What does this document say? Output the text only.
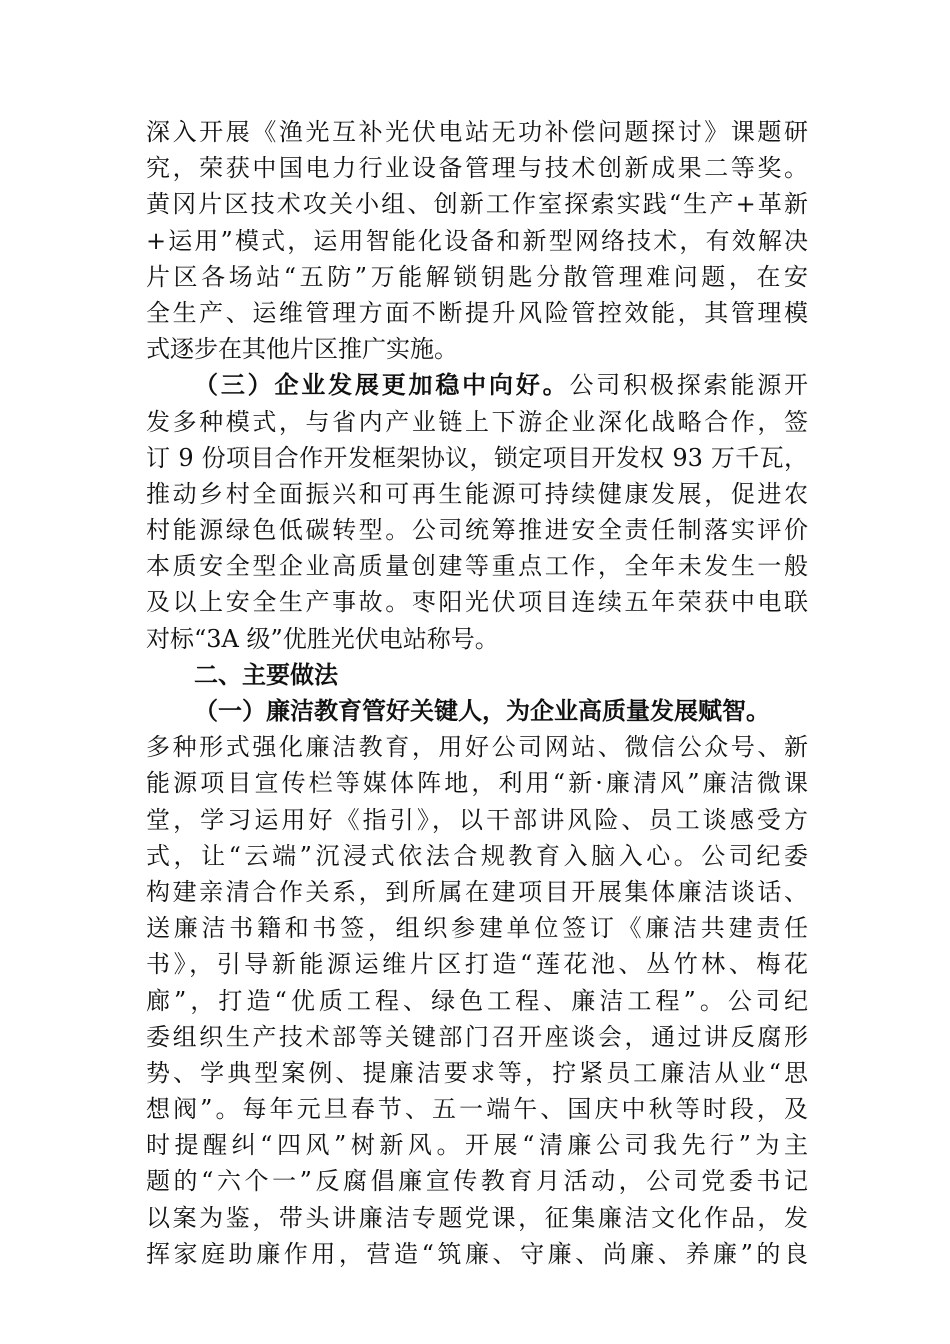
深入开展《渔光互补光伏电站无功补偿问题探讨》课题研
究，荣获中国电力行业设备管理与技术创新成果二等奖。
黄冈片区技术攻关小组、创新工作室探索实践“生产+革新
+运用”模式，运用智能化设备和新型网络技术，有效解决
片区各场站“五防”万能解锁钥匙分散管理难问题，在安
全生产、运维管理方面不断提升风险管控效能，其管理模
式逐步在其他片区推广实施。
（三）企业发展更加稳中向好。公司积极探索能源开
发多种模式，与省内产业链上下游企业深化战略合作，签
订 9 份项目合作开发框架协议，锁定项目开发权 93 万千瓦，
推动乡村全面振兴和可再生能源可持续健康发展，促进农
村能源绿色低碳转型。公司统筹推进安全责任制落实评价
本质安全型企业高质量创建等重点工作，全年未发生一般
及以上安全生产事故。枣阳光伏项目连续五年荣获中电联
对标“3A 级”优胜光伏电站称号。
二、主要做法
（一）廉洁教育管好关键人，为企业高质量发展赋智。
多种形式强化廉洁教育，用好公司网站、微信公众号、新
能源项目宣传栏等媒体阵地，利用“新·廉清风”廉洁微课
堂，学习运用好《指引》，以干部讲风险、员工谈感受方
式，让“云端”沉浸式依法合规教育入脑入心。公司纪委
构建亲清合作关系，到所属在建项目开展集体廉洁谈话、
送廉洁书籍和书签，组织参建单位签订《廉洁共建责任
书》，引导新能源运维片区打造“莲花池、丛竹林、梅花
廊”，打造“优质工程、绿色工程、廉洁工程”。公司纪
委组织生产技术部等关键部门召开座谈会，通过讲反腐形
势、学典型案例、提廉洁要求等，拧紧员工廉洁从业“思
想阀”。每年元旦春节、五一端午、国庆中秋等时段，及
时提醒纠“四风”树新风。开展“清廉公司我先行”为主
题的“六个一”反腐倡廉宣传教育月活动，公司党委书记
以案为鉴，带头讲廉洁专题党课，征集廉洁文化作品，发
挥家庭助廉作用，营造“筑廉、守廉、尚廉、养廉”的良
